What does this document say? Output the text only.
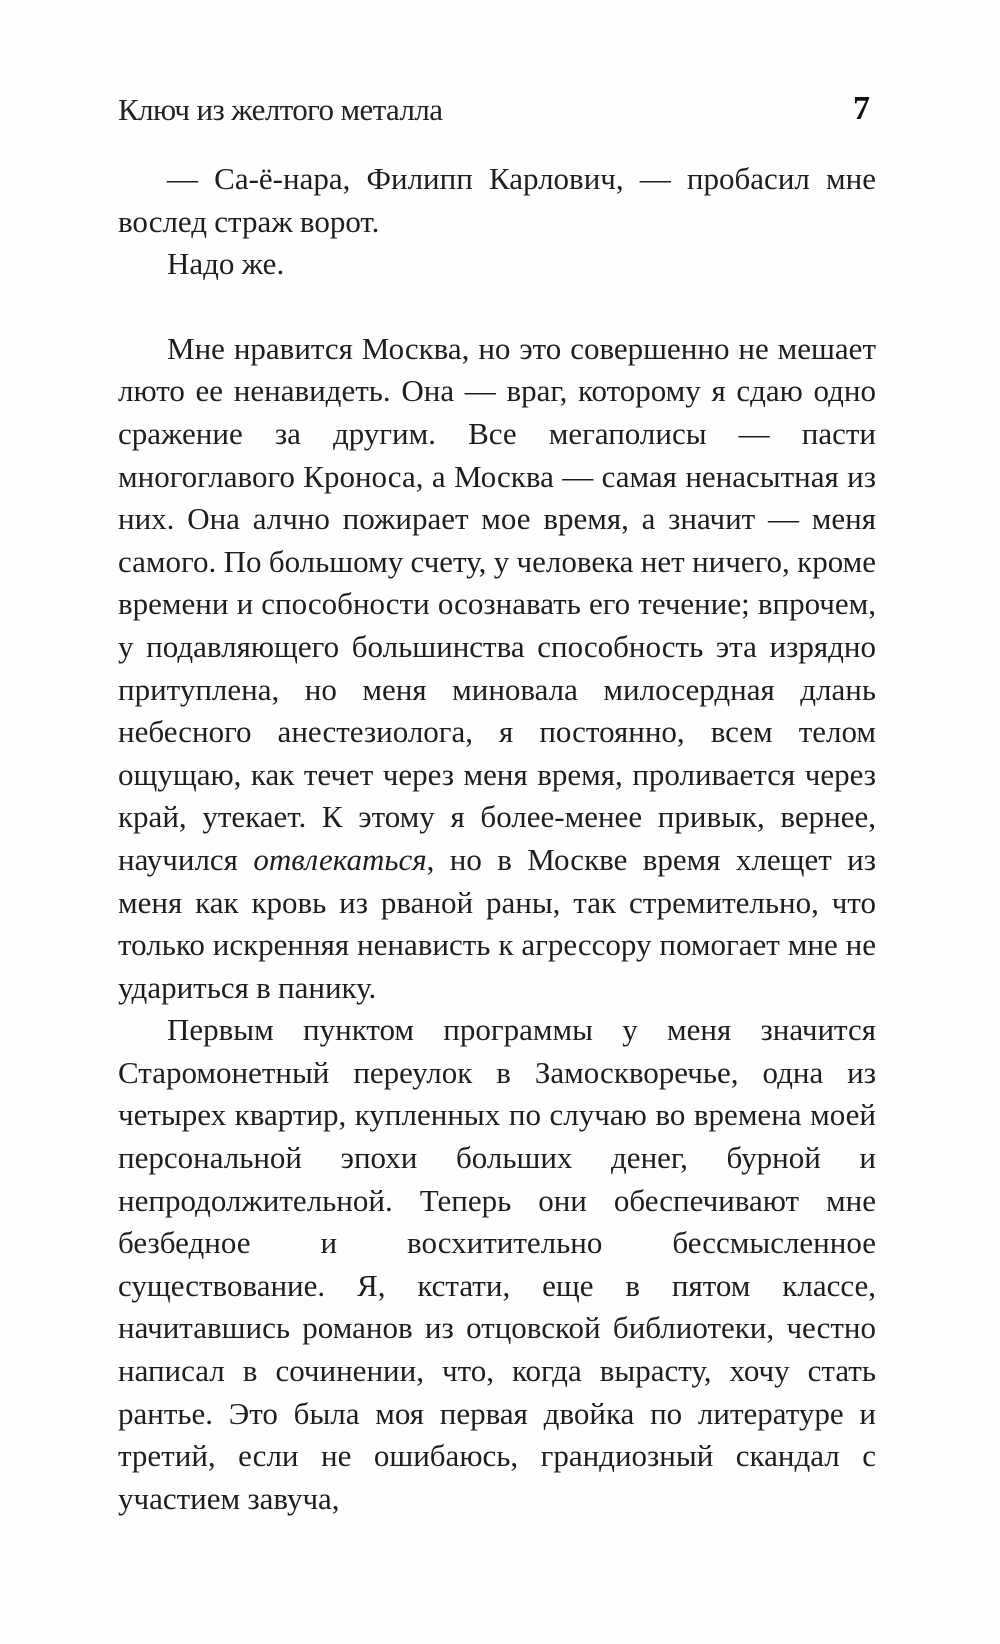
Ключ из желтого металла	7

— Са-ё-нара, Филипп Карлович, — пробасил мне вослед страж ворот.

Надо же.

Мне нравится Москва, но это совершенно не мешает люто ее ненавидеть. Она — враг, которому я сдаю одно сражение за другим. Все мегаполисы — пасти многоглавого Кроноса, а Москва — самая ненасытная из них. Она алчно пожирает мое время, а значит — меня самого. По большому счету, у человека нет ничего, кроме времени и способности осознавать его течение; впрочем, у подавляющего большинства способность эта изрядно притуплена, но меня миновала милосердная длань небесного анестезиолога, я постоянно, всем телом ощущаю, как течет через меня время, проливается через край, утекает. К этому я более-менее привык, вернее, научился отвлекаться, но в Москве время хлещет из меня как кровь из рваной раны, так стремительно, что только искренняя ненависть к агрессору помогает мне не удариться в панику.

Первым пунктом программы у меня значится Старомонетный переулок в Замоскворечье, одна из четырех квартир, купленных по случаю во времена моей персональной эпохи больших денег, бурной и непродолжительной. Теперь они обеспечивают мне безбедное и восхитительно бессмысленное существование. Я, кстати, еще в пятом классе, начитавшись романов из отцовской библиотеки, честно написал в сочинении, что, когда вырасту, хочу стать рантье. Это была моя первая двойка по литературе и третий, если не ошибаюсь, грандиозный скандал с участием завуча,
